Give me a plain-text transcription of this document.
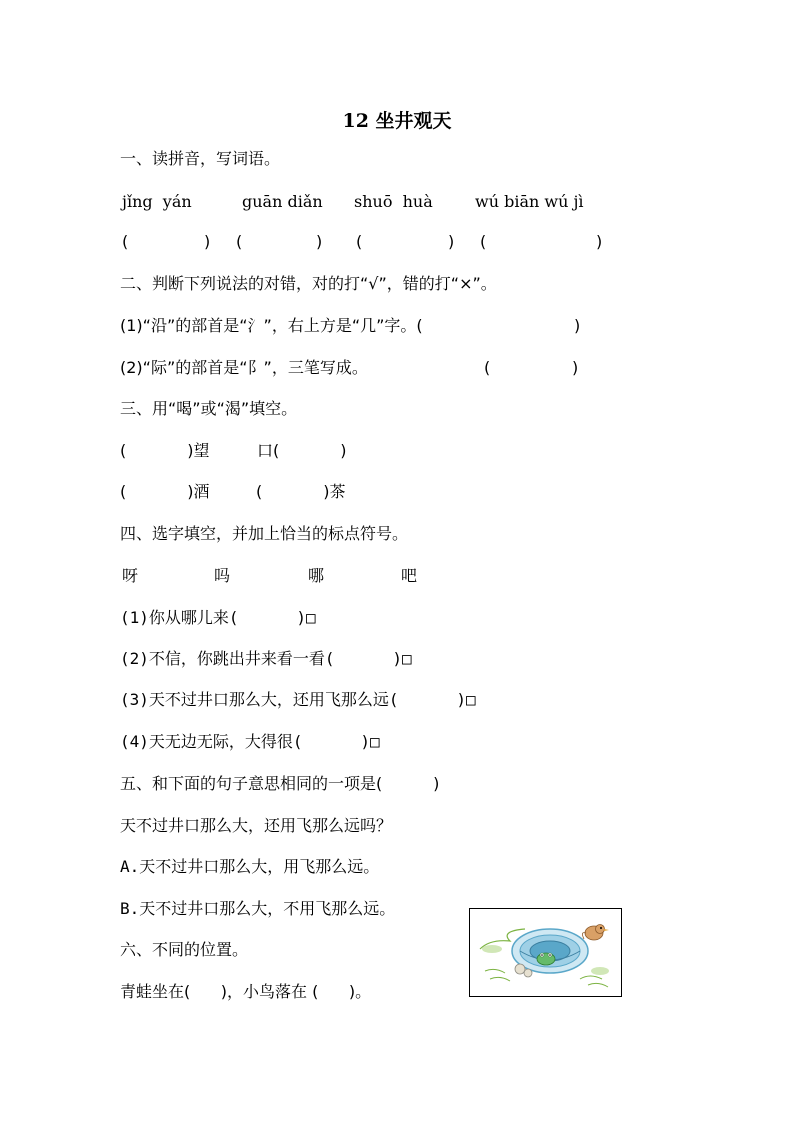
12 坐井观天
一、读拼音，写词语。
jǐng  yán	guān diǎn shuō  huà	wú biān wú jì
(	) (	) (	) (	)
二、判断下列说法的对错，对的打“√”，错的打“×”。
(1)“沿”的部首是“氵”，右上方是“几”字。(	)
(2)“际”的部首是“阝”，三笔写成。	(	)
三、用“喝”或“渴”填空。
(            )望	口(            )
(            )酒	(            )茶
四、选字填空，并加上恰当的标点符号。
呀	吗	哪	吧
(1)你从哪儿来(      )□
(2)不信，你跳出井来看一看(      )□
(3)天不过井口那么大，还用飞那么远(      )□
(4)天无边无际，大得很(      )□
五、和下面的句子意思相同的一项是(          )
天不过井口那么大，还用飞那么远吗？
A.天不过井口那么大，用飞那么远。
B.天不过井口那么大，不用飞那么远。
六、不同的位置。
青蛙坐在(      )，小鸟落在 (      )。
